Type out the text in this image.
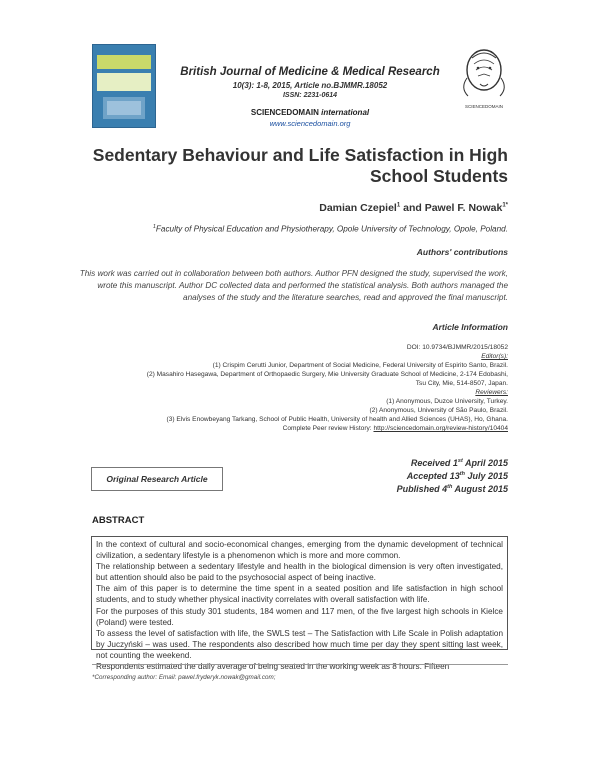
SCIENCEDOMAIN
British Journal of Medicine & Medical Research
10(3): 1-8, 2015, Article no.BJMMR.18052
ISSN: 2231-0614
SCIENCEDOMAIN international
www.sciencedomain.org
Sedentary Behaviour and Life Satisfaction in High
School Students
Damian Czepiel$^1$ and Pawel F. Nowak$^{1*}$
$^1$Faculty of Physical Education and Physiotherapy, Opole University of Technology, Opole, Poland.
Authors' contributions
This work was carried out in collaboration between both authors. Author PFN designed the study, supervised the work, wrote this manuscript. Author DC collected data and performed the statistical analysis. Both authors managed the analyses of the study and the literature searches, read and approved the final manuscript.
Article Information
DOI: 10.9734/BJMMR/2015/18052
Editor(s):
(1) Crispim Cerutti Junior, Department of Social Medicine, Federal University of Espirito Santo, Brazil.
(2) Masahiro Hasegawa, Department of Orthopaedic Surgery, Mie University Graduate School of Medicine, 2-174 Edobashi,
Tsu City, Mie, 514-8507, Japan.
Reviewers:
(1) Anonymous, Duzce University, Turkey.
(2) Anonymous, University of São Paulo, Brazil.
(3) Elvis Enowbeyang Tarkang, School of Public Health, University of health and Allied Sciences (UHAS), Ho, Ghana.
Complete Peer review History: http://sciencedomain.org/review-history/10404
Original Research Article
Received 1st April 2015
Accepted 13th July 2015
Published 4th August 2015
ABSTRACT

In the context of cultural and socio-economical changes, emerging from the dynamic development of technical civilization, a sedentary lifestyle is a phenomenon which is more and more common.

The relationship between a sedentary lifestyle and health in the biological dimension is very often investigated, but attention should also be paid to the psychosocial aspect of being inactive.

The aim of this paper is to determine the time spent in a seated position and life satisfaction in high school students, and to study whether physical inactivity correlates with overall satisfaction with life.

For the purposes of this study 301 students, 184 women and 117 men, of the five largest high schools in Kielce (Poland) were tested.

To assess the level of satisfaction with life, the SWLS test – The Satisfaction with Life Scale in Polish adaptation by Juczyński – was used. The respondents also described how much time per day they spent sitting last week, not counting the weekend.

Respondents estimated the daily average of being seated in the working week as 8 hours. Fifteen

*Corresponding author: Email: pawel.fryderyk.nowak@gmail.com;
